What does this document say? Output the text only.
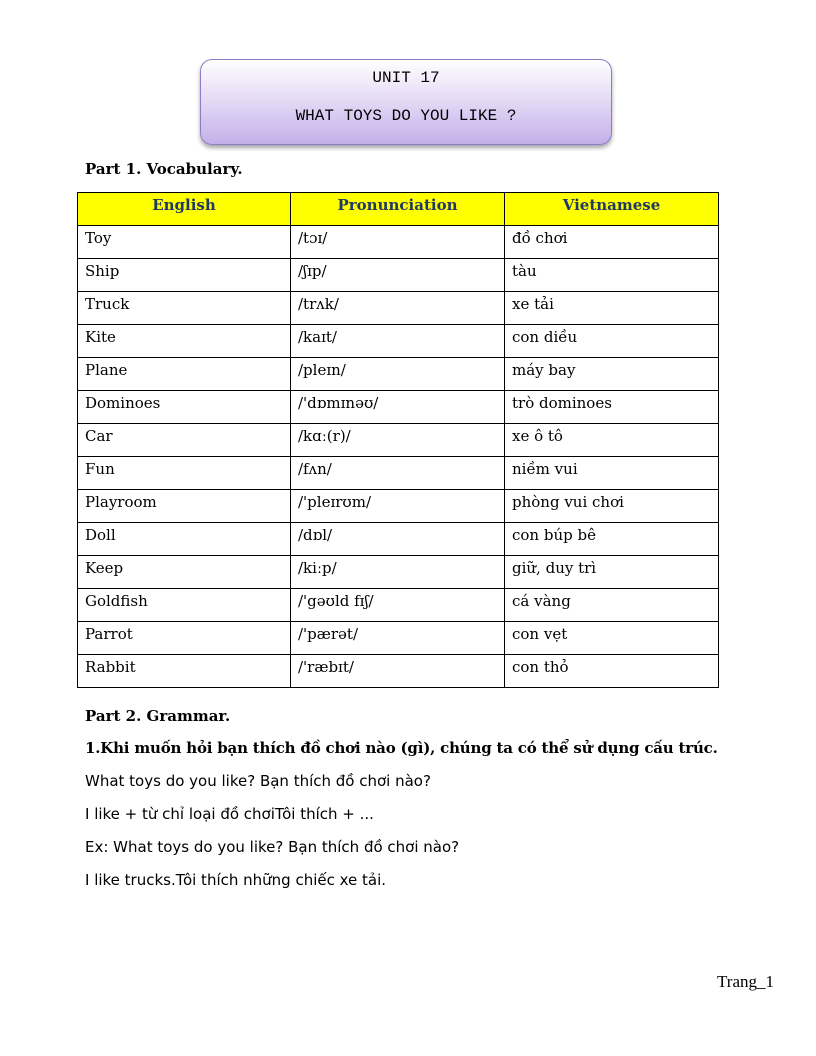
UNIT 17
WHAT TOYS DO YOU LIKE ?
Part 1. Vocabulary.
English	Pronunciation	Vietnamese
Toy	/tɔɪ/	đồ chơi
Ship	/ʃɪp/	tàu
Truck	/trʌk/	xe tải
Kite	/kaɪt/	con diều
Plane	/pleɪn/	máy bay
Dominoes	/'dɒmɪnəʊ/	trò dominoes
Car	/kɑː(r)/	xe ô tô
Fun	/fʌn/	niềm vui
Playroom	/'pleɪrʊm/	phòng vui chơi
Doll	/dɒl/	con búp bê
Keep	/kiːp/	giữ, duy trì
Goldfish	/'gəʊld fɪʃ/	cá vàng
Parrot	/'pærət/	con vẹt
Rabbit	/'ræbɪt/	con thỏ
Part 2. Grammar.
1.Khi muốn hỏi bạn thích đồ chơi nào (gì), chúng ta có thể sử dụng cấu trúc.
What toys do you like? Bạn thích đồ chơi nào?
I like + từ chỉ loại đồ chơiTôi thích + ...
Ex: What toys do you like? Bạn thích đồ chơi nào?
I like trucks.Tôi thích những chiếc xe tải.
Trang_1
